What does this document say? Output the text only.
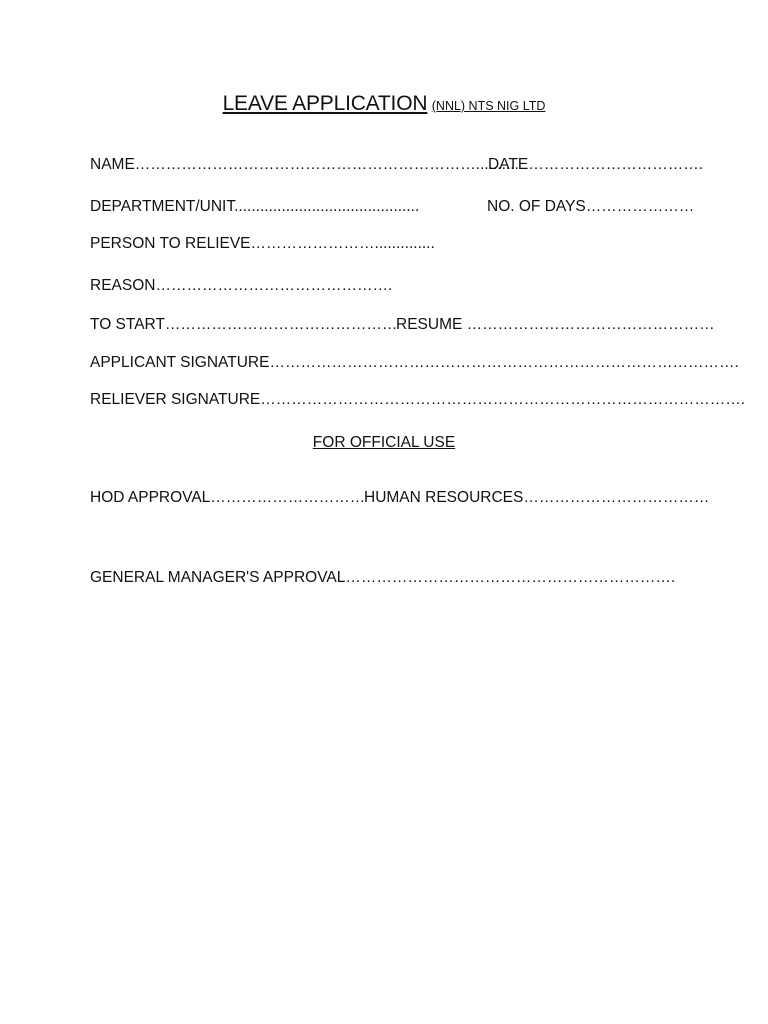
LEAVE APPLICATION (NNL) NTS NIG LTD
NAME…………………………………………………………..........
DATE…………………………….
DEPARTMENT/UNIT...........................................	NO. OF DAYS…………………
PERSON TO RELIEVE……………………..............
REASON……………………………………….
TO START………………………………………
RESUME …………………………………………
APPLICANT SIGNATURE……………………………………………………………………………….
RELIEVER SIGNATURE………………………………………………………………………………….
FOR OFFICIAL USE
HOD APPROVAL…………………………
HUMAN RESOURCES………………………………
GENERAL MANAGER'S APPROVAL……………………………………………………….
